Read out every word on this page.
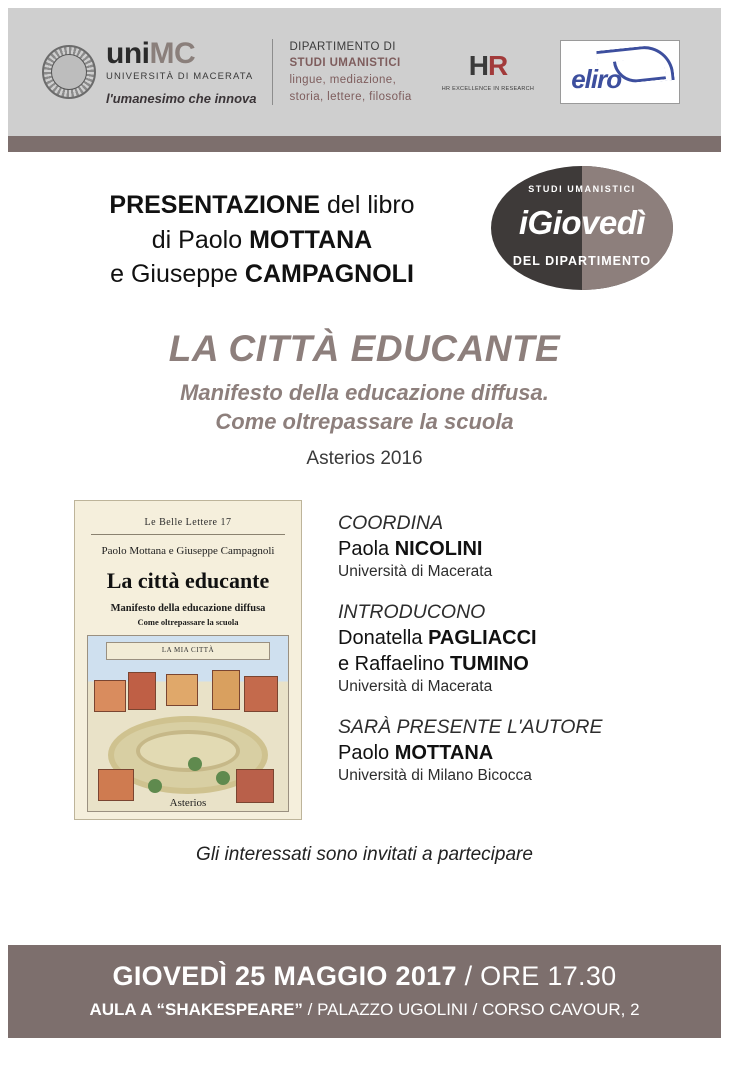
uniMC
UNIVERSITÀ DI MACERATA
l'umanesimo che innova
DIPARTIMENTO DI
STUDI UMANISTICI
lingue, mediazione,
storia, lettere, filosofia
HR
HR EXCELLENCE IN RESEARCH eliro
PRESENTAZIONE del libro
di Paolo MOTTANA
e Giuseppe CAMPAGNOLI
STUDI UMANISTICI
iGiovedì
DEL DIPARTIMENTO
LA CITTÀ EDUCANTE
Manifesto della educazione diffusa.
Come oltrepassare la scuola
Asterios 2016
Le Belle Lettere 17
Paolo Mottana e Giuseppe Campagnoli
La città educante
Manifesto della educazione diffusa
Come oltrepassare la scuola
LA MIA CITTÀ
Asterios
COORDINA
Paola NICOLINI
Università di Macerata
INTRODUCONO
Donatella PAGLIACCI
e Raffaelino TUMINO
Università di Macerata
SARÀ PRESENTE L'AUTORE
Paolo MOTTANA
Università di Milano Bicocca
Gli interessati sono invitati a partecipare
GIOVEDÌ 25 MAGGIO 2017 / ORE 17.30
AULA A “SHAKESPEARE” / PALAZZO UGOLINI / CORSO CAVOUR, 2
